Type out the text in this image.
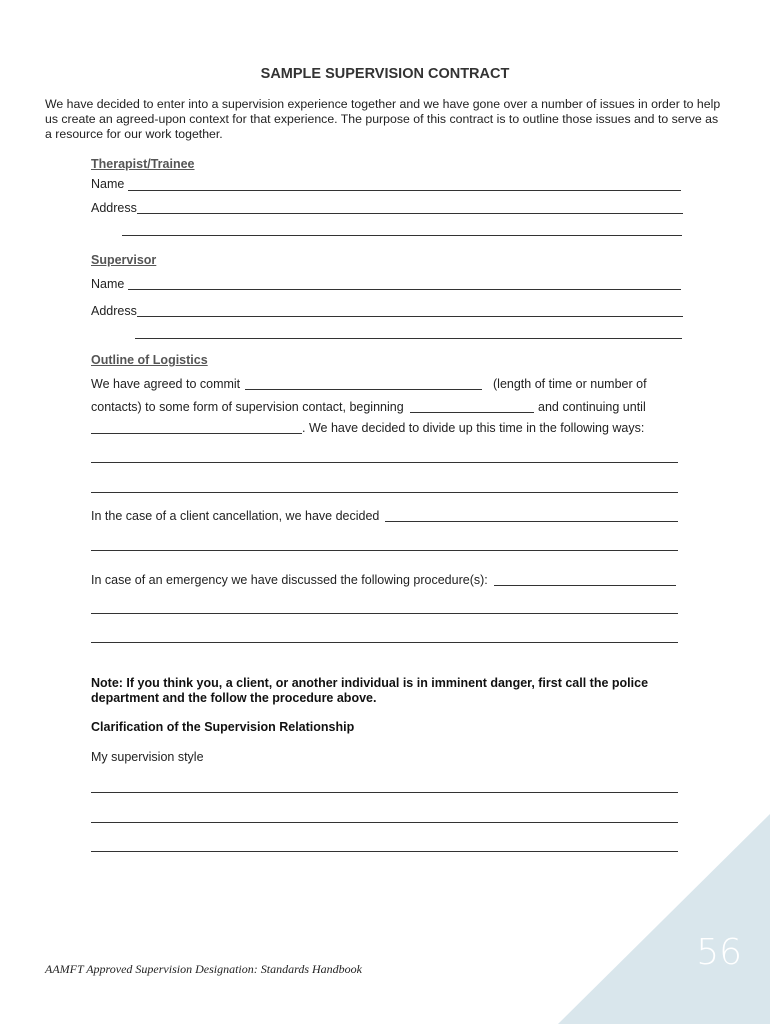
SAMPLE SUPERVISION CONTRACT
We have decided to enter into a supervision experience together and we have gone over a number of issues in order to help us create an agreed-upon context for that experience. The purpose of this contract is to outline those issues and to serve as a resource for our work together.
Therapist/Trainee
Name
Address
Supervisor
Name
Address
Outline of Logistics
We have agreed to commit	(length of time or number of
contacts) to some form of supervision contact, beginning	and continuing until
. We have decided to divide up this time in the following ways:
In the case of a client cancellation, we have decided
In case of an emergency we have discussed the following procedure(s):
Note: If you think you, a client, or another individual is in imminent danger, first call the police department and the follow the procedure above.
Clarification of the Supervision Relationship
My supervision style
56
AAMFT Approved Supervision Designation: Standards Handbook
